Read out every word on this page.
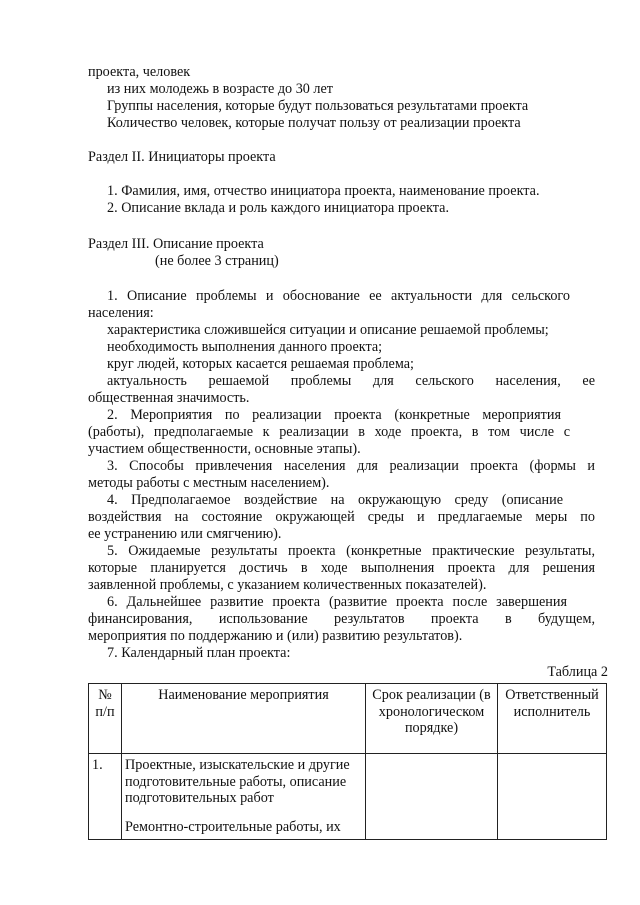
проекта, человек
из них молодежь в возрасте до 30 лет
Группы населения, которые будут пользоваться результатами проекта
Количество человек, которые получат пользу от реализации проекта
Раздел II. Инициаторы проекта
1. Фамилия, имя, отчество инициатора проекта, наименование проекта.
2. Описание вклада и роль каждого инициатора проекта.
Раздел III. Описание проекта
(не более 3 страниц)
1. Описание проблемы и обоснование ее актуальности для сельского
населения:
характеристика сложившейся ситуации и описание решаемой проблемы;
необходимость выполнения данного проекта;
круг людей, которых касается решаемая проблема;
актуальность решаемой проблемы для сельского населения, ее
общественная значимость.
2. Мероприятия по реализации проекта (конкретные мероприятия
(работы), предполагаемые к реализации в ходе проекта, в том числе с
участием общественности, основные этапы).
3. Способы привлечения населения для реализации проекта (формы и
методы работы с местным населением).
4. Предполагаемое воздействие на окружающую среду (описание
воздействия на состояние окружающей среды и предлагаемые меры по
ее устранению или смягчению).
5. Ожидаемые результаты проекта (конкретные практические результаты,
которые планируется достичь в ходе выполнения проекта для решения
заявленной проблемы, с указанием количественных показателей).
6. Дальнейшее развитие проекта (развитие проекта после завершения
финансирования, использование результатов проекта в будущем,
мероприятия по поддержанию и (или) развитию результатов).
7. Календарный план проекта:
Таблица 2
№ п/п	Наименование мероприятия	Срок реализации (в хронологическом порядке)	Ответственный исполнитель
1.	Проектные, изыскательские и другие подготовительные работы, описание подготовительных работ

Ремонтно-строительные работы, их		
